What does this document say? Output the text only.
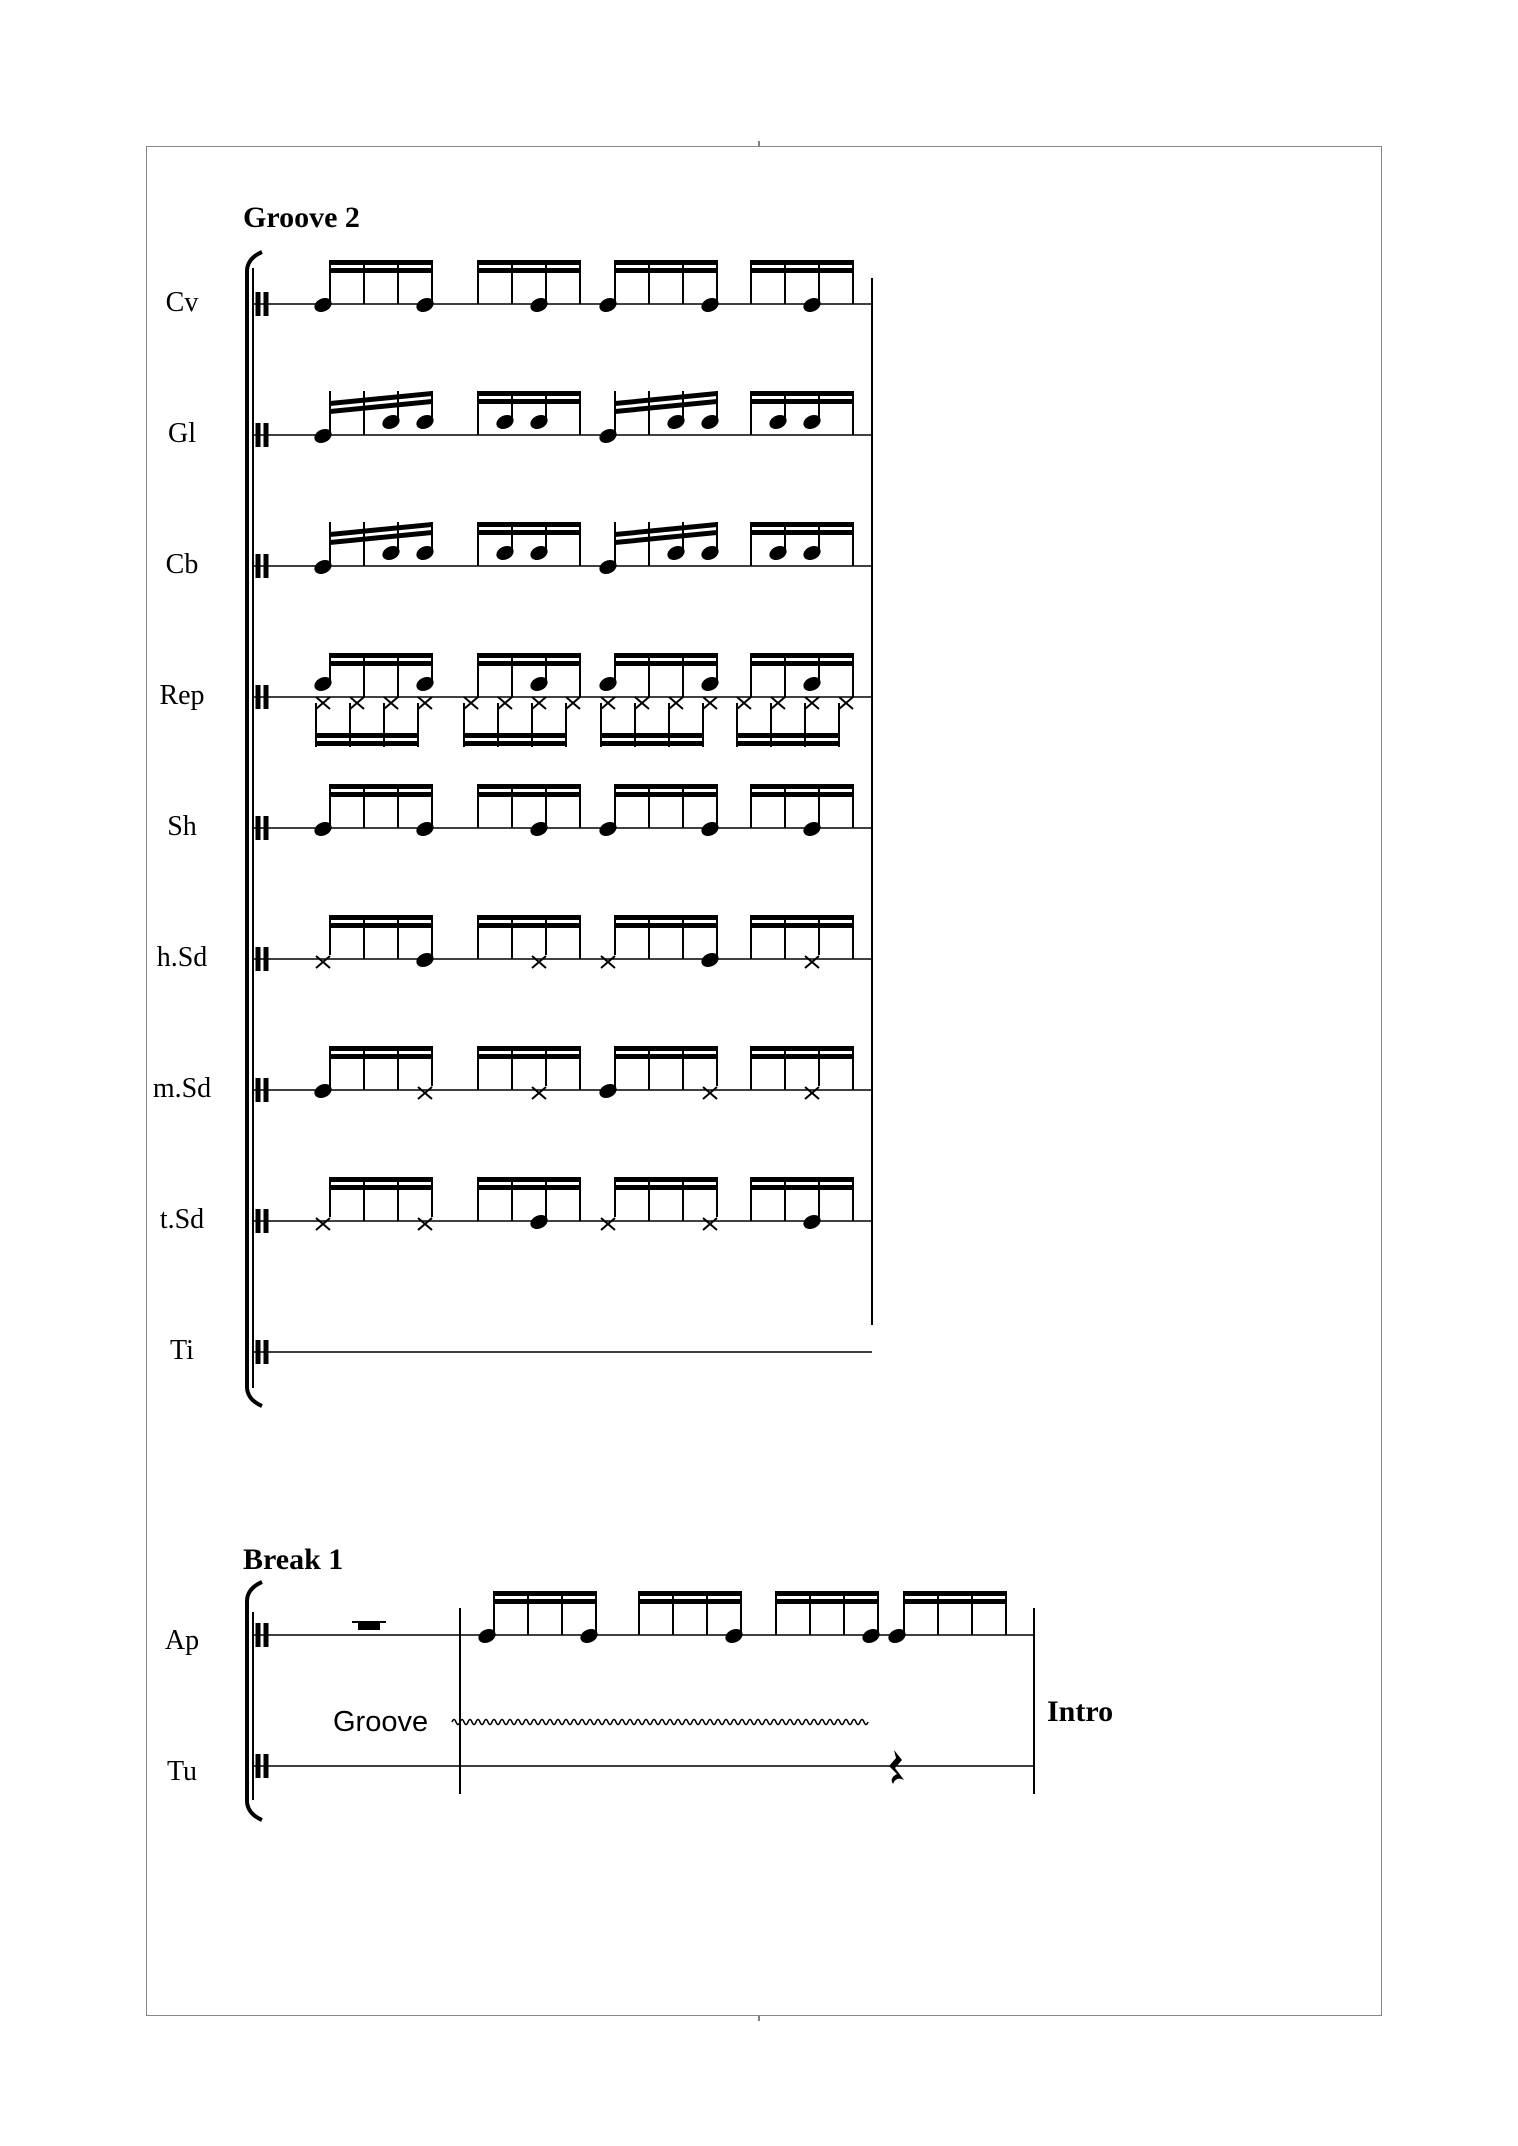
Groove 2
Cv
Gl
Cb
Rep
Sh
h.Sd
m.Sd
t.Sd
Ti
Break 1
Ap
Tu
Groove	Intro
